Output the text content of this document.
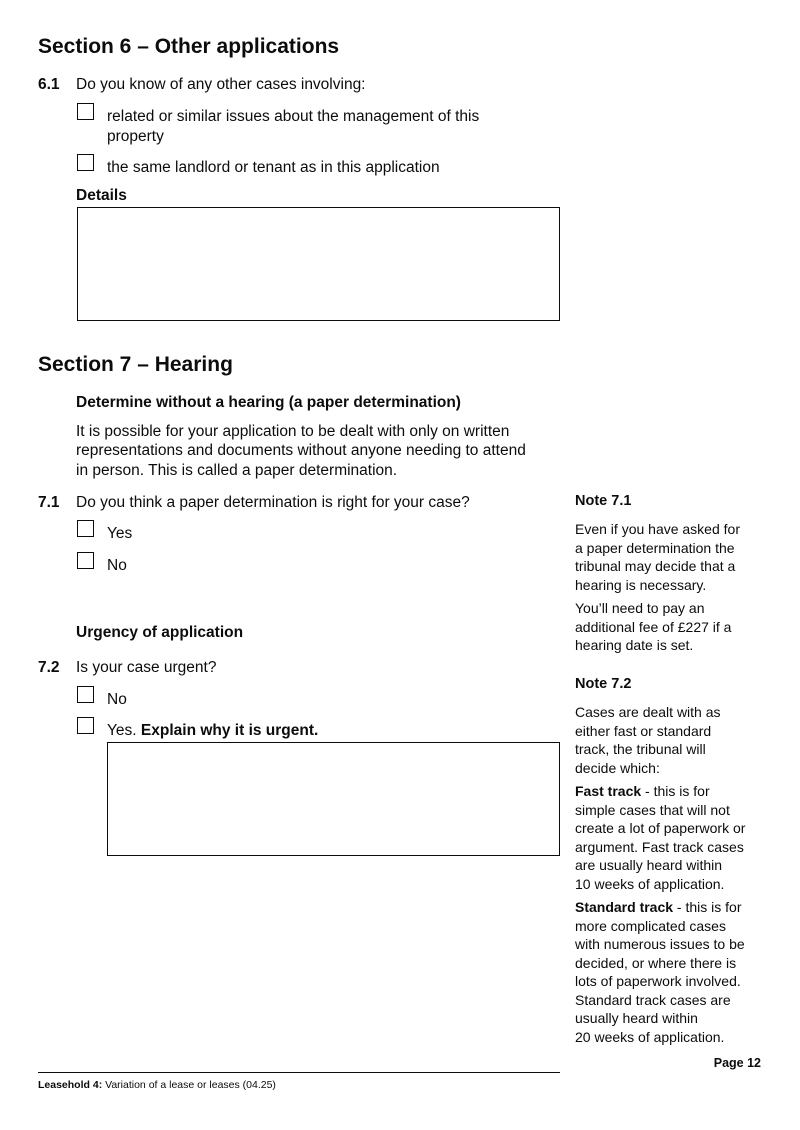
Section 6 – Other applications
6.1 Do you know of any other cases involving:
related or similar issues about the management of this
property
the same landlord or tenant as in this application
Details
Section 7 – Hearing
Determine without a hearing (a paper determination)
It is possible for your application to be dealt with only on written
representations and documents without anyone needing to attend
in person. This is called a paper determination.
7.1 Do you think a paper determination is right for your case?
Yes
No
Urgency of application
7.2 Is your case urgent?
No
Yes. Explain why it is urgent.
Note 7.1
Even if you have asked for
a paper determination the
tribunal may decide that a
hearing is necessary.
You’ll need to pay an
additional fee of £227 if a
hearing date is set.
Note 7.2
Cases are dealt with as
either fast or standard
track, the tribunal will
decide which:
Fast track - this is for
simple cases that will not
create a lot of paperwork or
argument. Fast track cases
are usually heard within
10 weeks of application.
Standard track - this is for
more complicated cases
with numerous issues to be
decided, or where there is
lots of paperwork involved.
Standard track cases are
usually heard within
20 weeks of application.
Page 12
Leasehold 4: Variation of a lease or leases (04.25)
